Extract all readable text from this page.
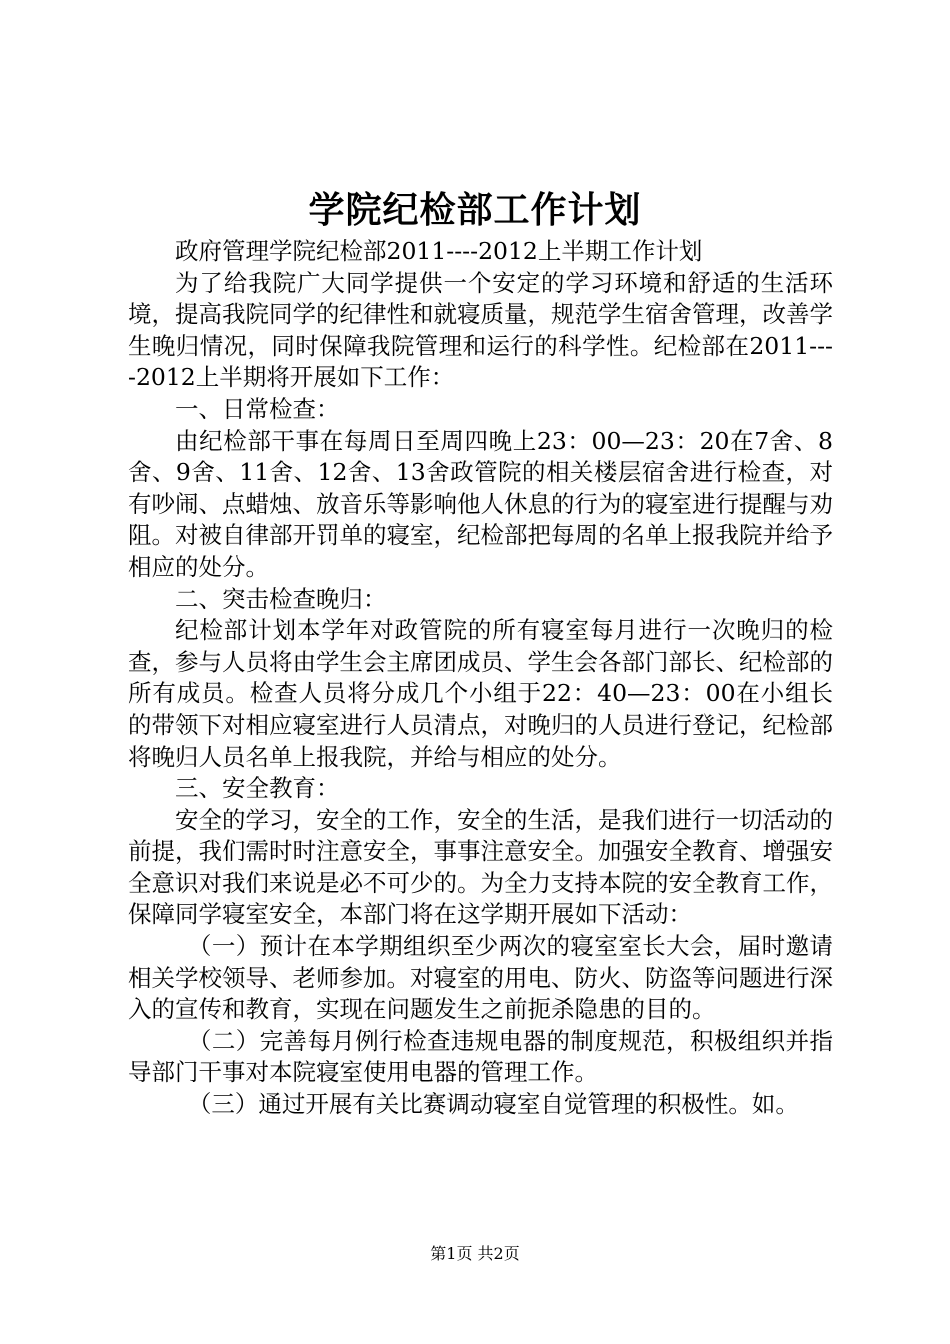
学院纪检部工作计划

政府管理学院纪检部2011----2012上半期工作计划

为了给我院广大同学提供一个安定的学习环境和舒适的生活环境，提高我院同学的纪律性和就寝质量，规范学生宿舍管理，改善学生晚归情况，同时保障我院管理和运行的科学性。纪检部在2011----2012上半期将开展如下工作：

一、日常检查：

由纪检部干事在每周日至周四晚上23：00—23：20在7舍、8舍、9舍、11舍、12舍、13舍政管院的相关楼层宿舍进行检查，对有吵闹、点蜡烛、放音乐等影响他人休息的行为的寝室进行提醒与劝阻。对被自律部开罚单的寝室，纪检部把每周的名单上报我院并给予相应的处分。

二、突击检查晚归：

纪检部计划本学年对政管院的所有寝室每月进行一次晚归的检查，参与人员将由学生会主席团成员、学生会各部门部长、纪检部的所有成员。检查人员将分成几个小组于22：40—23：00在小组长的带领下对相应寝室进行人员清点，对晚归的人员进行登记，纪检部将晚归人员名单上报我院，并给与相应的处分。

三、安全教育：

安全的学习，安全的工作，安全的生活，是我们进行一切活动的前提，我们需时时注意安全，事事注意安全。加强安全教育、增强安全意识对我们来说是必不可少的。为全力支持本院的安全教育工作，保障同学寝室安全，本部门将在这学期开展如下活动：

（一）预计在本学期组织至少两次的寝室室长大会，届时邀请相关学校领导、老师参加。对寝室的用电、防火、防盗等问题进行深入的宣传和教育，实现在问题发生之前扼杀隐患的目的。

（二）完善每月例行检查违规电器的制度规范，积极组织并指导部门干事对本院寝室使用电器的管理工作。

（三）通过开展有关比赛调动寝室自觉管理的积极性。如。

第1页 共2页
